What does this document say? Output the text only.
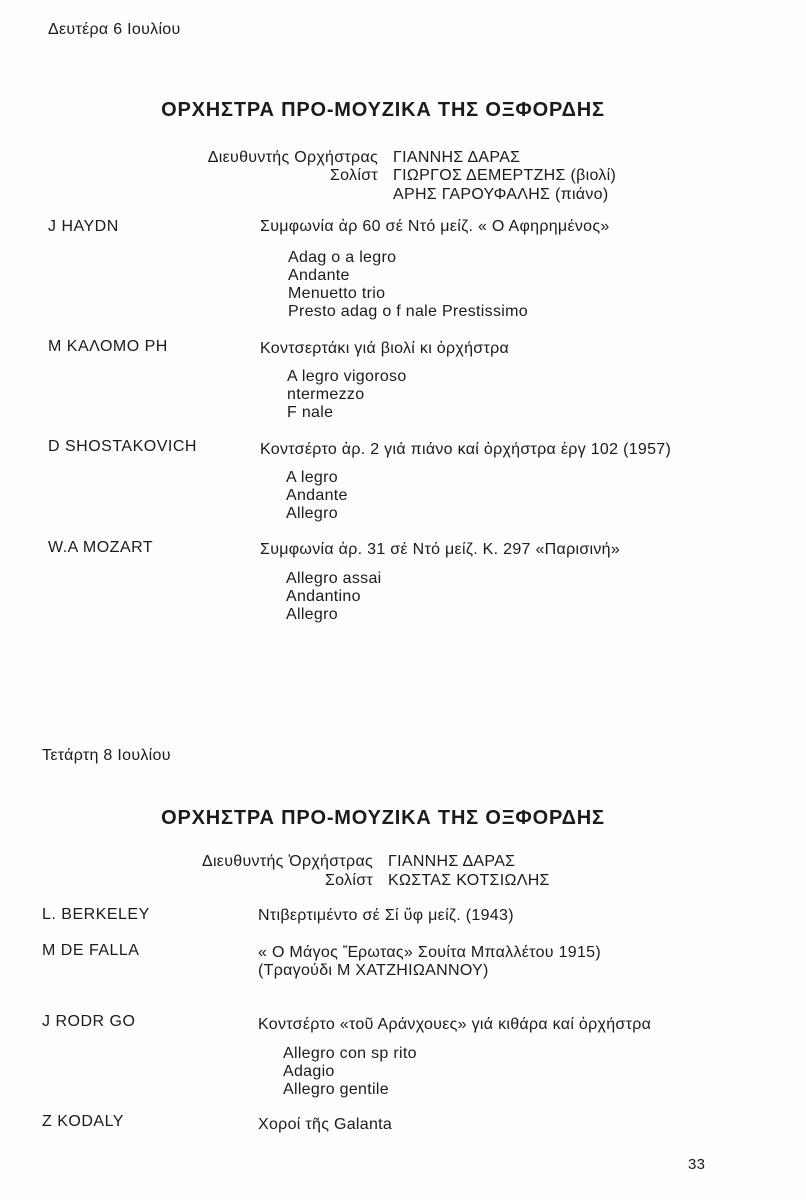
Δευτέρα 6 Ιουλίου
ΟΡΧΗΣΤΡΑ ΠΡΟ-ΜΟΥΖΙΚΑ ΤΗΣ ΟΞΦΟΡΔΗΣ
Διευθυντής Ορχήστρας ΓΙΑΝΝΗΣ ΔΑΡΑΣ
Σολίστ ΓΙΩΡΓΟΣ ΔΕΜΕΡΤΖΗΣ (βιολί)
ΑΡΗΣ ΓΑΡΟΥΦΑΛΗΣ (πιάνο)
J HAYDN	Συμφωνία ἀρ 60 σέ Ντό μείζ. « Ο Αφηρημένος»
Adag o a legro
Andante
Menuetto trio
Presto adag o f nale Prestissimo
M ΚΑΛΟΜΟ ΡΗ	Κοντσερτάκι γιά βιολί κι ὀρχήστρα
A legro vigoroso
ntermezzo
F nale
D SHOSTAKOVICH	Κοντσέρτο ἀρ. 2 γιά πιάνο καί ὀρχήστρα ἐργ 102 (1957)
A legro
Andante
Allegro
W.A MOZART	Συμφωνία ἀρ. 31 σέ Ντό μείζ. Κ. 297 «Παρισινή»
Allegro assai
Andantino
Allegro
Τετάρτη 8 Ιουλίου
ΟΡΧΗΣΤΡΑ ΠΡΟ-ΜΟΥΖΙΚΑ ΤΗΣ ΟΞΦΟΡΔΗΣ
Διευθυντής Ὀρχήστρας ΓΙΑΝΝΗΣ ΔΑΡΑΣ
Σολίστ ΚΩΣΤΑΣ ΚΟΤΣΙΩΛΗΣ
L. BERKELEY	Ντιβερτιμέντο σέ Σί ὕφ μείζ. (1943)
M DE FALLA	« Ο Μάγος Ἔρωτας» Σουίτα Μπαλλέτου 1915)
(Τραγούδι M ΧΑΤΖΗΙΩΑΝΝΟΥ)
J RODR GO	Κοντσέρτο «τοῦ Αράνχουες» γιά κιθάρα καί ὀρχήστρα
Allegro con sp rito
Adagio
Allegro gentile
Z KODALY	Χοροί τῆς Galanta
33
